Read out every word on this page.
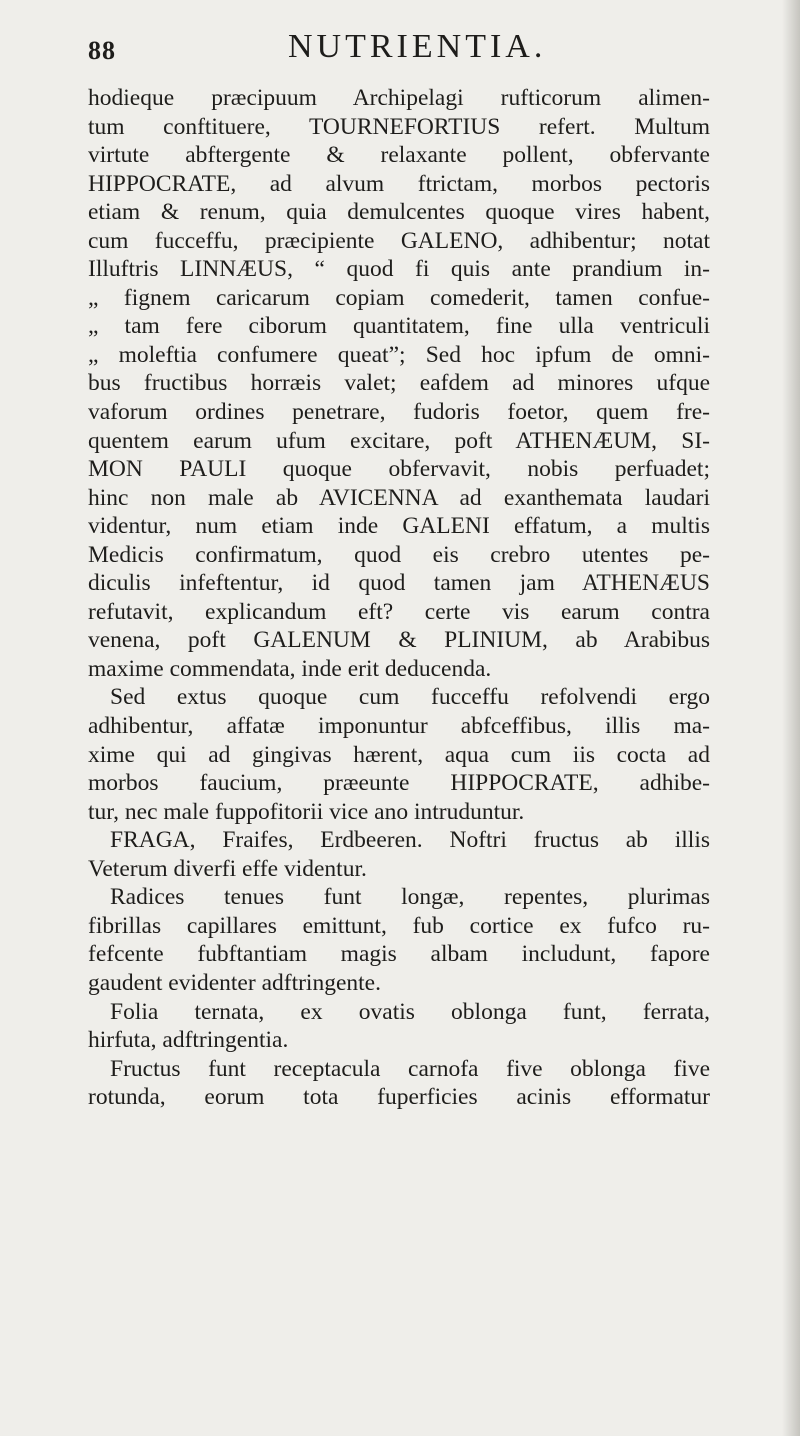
88	NUTRIENTIA.
hodieque præcipuum Archipelagi rufticorum alimen-
tum conftituere, TOURNEFORTIUS refert. Multum
virtute abftergente & relaxante pollent, obfervante
HIPPOCRATE, ad alvum ftrictam, morbos pectoris
etiam & renum, quia demulcentes quoque vires habent,
cum fucceffu, præcipiente GALENO, adhibentur; notat
Illuftris LINNÆUS, “ quod fi quis ante prandium in-
„ fignem caricarum copiam comederit, tamen confue-
„ tam fere ciborum quantitatem, fine ulla ventriculi
„ moleftia confumere queat”; Sed hoc ipfum de omni-
bus fructibus horræis valet; eafdem ad minores ufque
vaforum ordines penetrare, fudoris foetor, quem fre-
quentem earum ufum excitare, poft ATHENÆUM, SI-
MON PAULI quoque obfervavit, nobis perfuadet;
hinc non male ab AVICENNA ad exanthemata laudari
videntur, num etiam inde GALENI effatum, a multis
Medicis confirmatum, quod eis crebro utentes pe-
diculis infeftentur, id quod tamen jam ATHENÆUS
refutavit, explicandum eft? certe vis earum contra
venena, poft GALENUM & PLINIUM, ab Arabibus
maxime commendata, inde erit deducenda.
Sed extus quoque cum fucceffu refolvendi ergo
adhibentur, affatæ imponuntur abfceffibus, illis ma-
xime qui ad gingivas hærent, aqua cum iis cocta ad
morbos faucium, præeunte HIPPOCRATE, adhibe-
tur, nec male fuppofitorii vice ano intruduntur.
FRAGA, Fraifes, Erdbeeren. Noftri fructus ab illis
Veterum diverfi effe videntur.
Radices tenues funt longæ, repentes, plurimas
fibrillas capillares emittunt, fub cortice ex fufco ru-
fefcente fubftantiam magis albam includunt, fapore
gaudent evidenter adftringente.
Folia ternata, ex ovatis oblonga funt, ferrata,
hirfuta, adftringentia.
Fructus funt receptacula carnofa five oblonga five
rotunda, eorum tota fuperficies acinis efformatur
